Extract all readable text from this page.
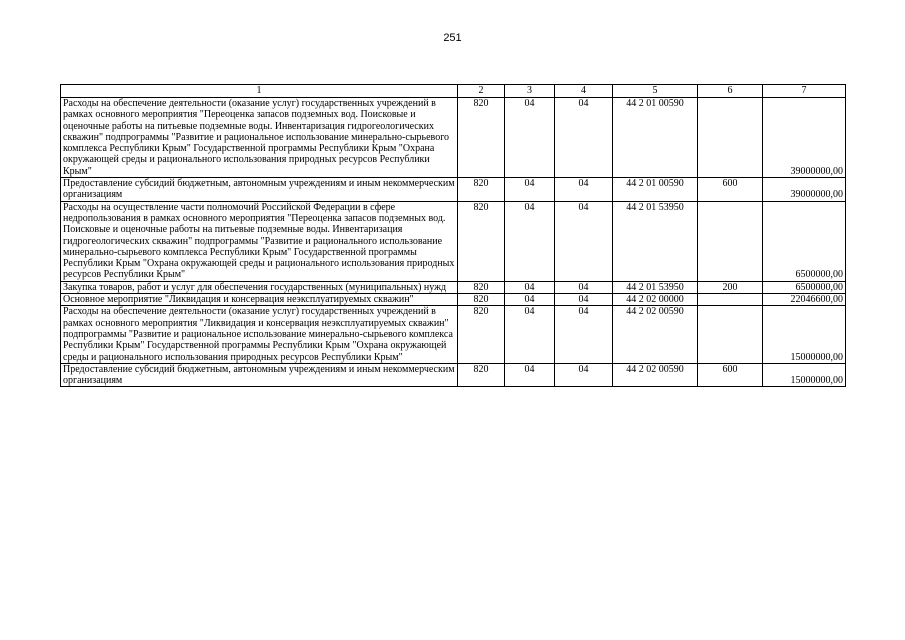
251
1	2	3	4	5	6	7
Расходы на обеспечение деятельности (оказание услуг) государственных учреждений в рамках основного мероприятия "Переоценка запасов подземных вод. Поисковые и оценочные работы на питьевые подземные воды. Инвентаризация гидрогеологических скважин" подпрограммы "Развитие и рациональное использование минерально-сырьевого комплекса Республики Крым" Государственной программы Республики Крым "Охрана окружающей среды и рационального использования природных ресурсов Республики Крым"	820	04	04	44 2 01 00590		39000000,00
Предоставление субсидий бюджетным, автономным учреждениям и иным некоммерческим организациям	820	04	04	44 2 01 00590	600	39000000,00
Расходы на осуществление части полномочий Российской Федерации в сфере недропользования в рамках основного мероприятия "Переоценка запасов подземных вод. Поисковые и оценочные работы на питьевые подземные воды. Инвентаризация гидрогеологических скважин" подпрограммы "Развитие и рационального использование минерально-сырьевого комплекса Республики Крым" Государственной программы Республики Крым "Охрана окружающей среды и рационального использования природных ресурсов Республики Крым"	820	04	04	44 2 01 53950		6500000,00
Закупка товаров, работ и услуг для обеспечения государственных (муниципальных) нужд	820	04	04	44 2 01 53950	200	6500000,00
Основное мероприятие "Ликвидация и консервация неэксплуатируемых скважин"	820	04	04	44 2 02 00000		22046600,00
Расходы на обеспечение деятельности (оказание услуг) государственных учреждений в рамках основного мероприятия "Ликвидация и консервация неэксплуатируемых скважин" подпрограммы "Развитие и рациональное использование минерально-сырьевого комплекса Республики Крым" Государственной программы Республики Крым "Охрана окружающей среды и рационального использования природных ресурсов Республики Крым"	820	04	04	44 2 02 00590		15000000,00
Предоставление субсидий бюджетным, автономным учреждениям и иным некоммерческим организациям	820	04	04	44 2 02 00590	600	15000000,00
